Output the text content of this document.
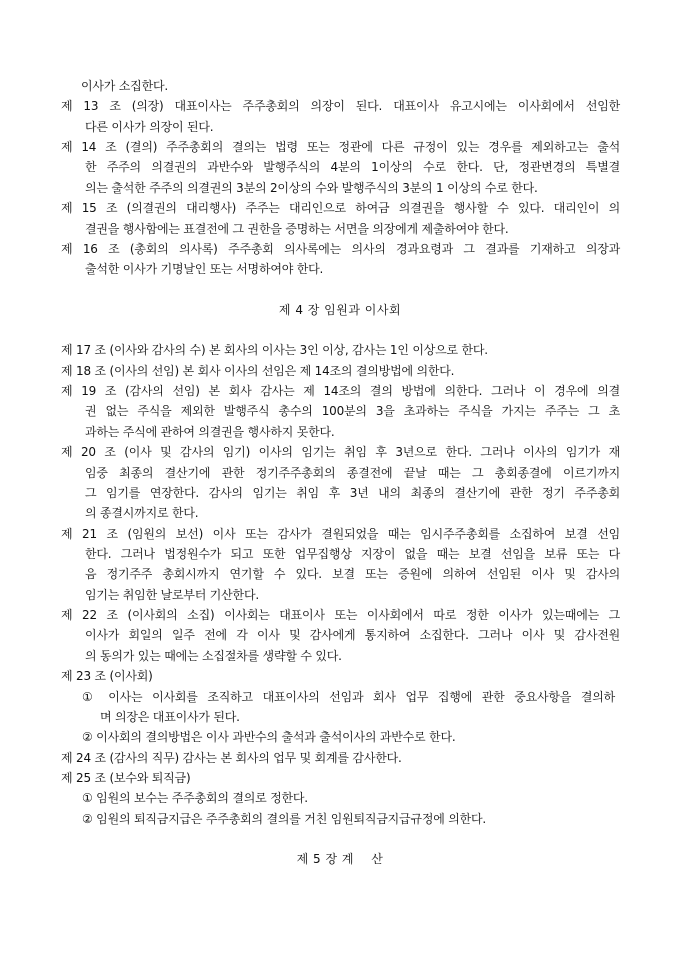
이사가 소집한다.
제 13 조 (의장) 대표이사는 주주총회의 의장이 된다. 대표이사 유고시에는 이사회에서 선임한
다른 이사가 의장이 된다.
제 14 조 (결의) 주주총회의 결의는 법령 또는 정관에 다른 규정이 있는 경우를 제외하고는 출석
한 주주의 의결권의 과반수와 발행주식의 4분의 1이상의 수로 한다. 단, 정관변경의 특별결
의는 출석한 주주의 의결권의 3분의 2이상의 수와 발행주식의 3분의 1 이상의 수로 한다.
제 15 조 (의결권의 대리행사) 주주는 대리인으로 하여금 의결권을 행사할 수 있다. 대리인이 의
결권을 행사함에는 표결전에 그 권한을 증명하는 서면을 의장에게 제출하여야 한다.
제 16 조 (총회의 의사록) 주주총회 의사록에는 의사의 경과요령과 그 결과를 기재하고 의장과
출석한 이사가 기명날인 또는 서명하여야 한다.
제 4 장 임원과 이사회
제 17 조 (이사와 감사의 수) 본 회사의 이사는 3인 이상, 감사는 1인 이상으로 한다.
제 18 조 (이사의 선임) 본 회사 이사의 선임은 제 14조의 결의방법에 의한다.
제 19 조 (감사의 선임) 본 회사 감사는 제 14조의 결의 방법에 의한다. 그러나 이 경우에 의결
권 없는 주식을 제외한 발행주식 총수의 100분의 3을 초과하는 주식을 가지는 주주는 그 초
과하는 주식에 관하여 의결권을 행사하지 못한다.
제 20 조 (이사 및 감사의 임기) 이사의 임기는 취임 후 3년으로 한다. 그러나 이사의 임기가 재
임중 최종의 결산기에 관한 정기주주총회의 종결전에 끝날 때는 그 총회종결에 이르기까지
그 임기를 연장한다. 감사의 임기는 취임 후 3년 내의 최종의 결산기에 관한 정기 주주총회
의 종결시까지로 한다.
제 21 조 (임원의 보선) 이사 또는 감사가 결원되었을 때는 임시주주총회를 소집하여 보결 선임
한다. 그러나 법정원수가 되고 또한 업무집행상 지장이 없을 때는 보결 선임을 보류 또는 다
음 정기주주 총회시까지 연기할 수 있다. 보결 또는 증원에 의하여 선임된 이사 및 감사의
임기는 취임한 날로부터 기산한다.
제 22 조 (이사회의 소집) 이사회는 대표이사 또는 이사회에서 따로 정한 이사가 있는때에는 그
이사가 회일의 일주 전에 각 이사 및 감사에게 통지하여 소집한다. 그러나 이사 및 감사전원
의 동의가 있는 때에는 소집절차를 생략할 수 있다.
제 23 조 (이사회)
① 이사는 이사회를 조직하고 대표이사의 선임과 회사 업무 집행에 관한 중요사항을 결의하
며 의장은 대표이사가 된다.
② 이사회의 결의방법은 이사 과반수의 출석과 출석이사의 과반수로 한다.
제 24 조 (감사의 직무) 감사는 본 회사의 업무 및 회계를 감사한다.
제 25 조 (보수와 퇴직금)
① 임원의 보수는 주주총회의 결의로 정한다.
② 임원의 퇴직금지급은 주주총회의 결의를 거친 임원퇴직금지급규정에 의한다.
제 5 장 계    산
